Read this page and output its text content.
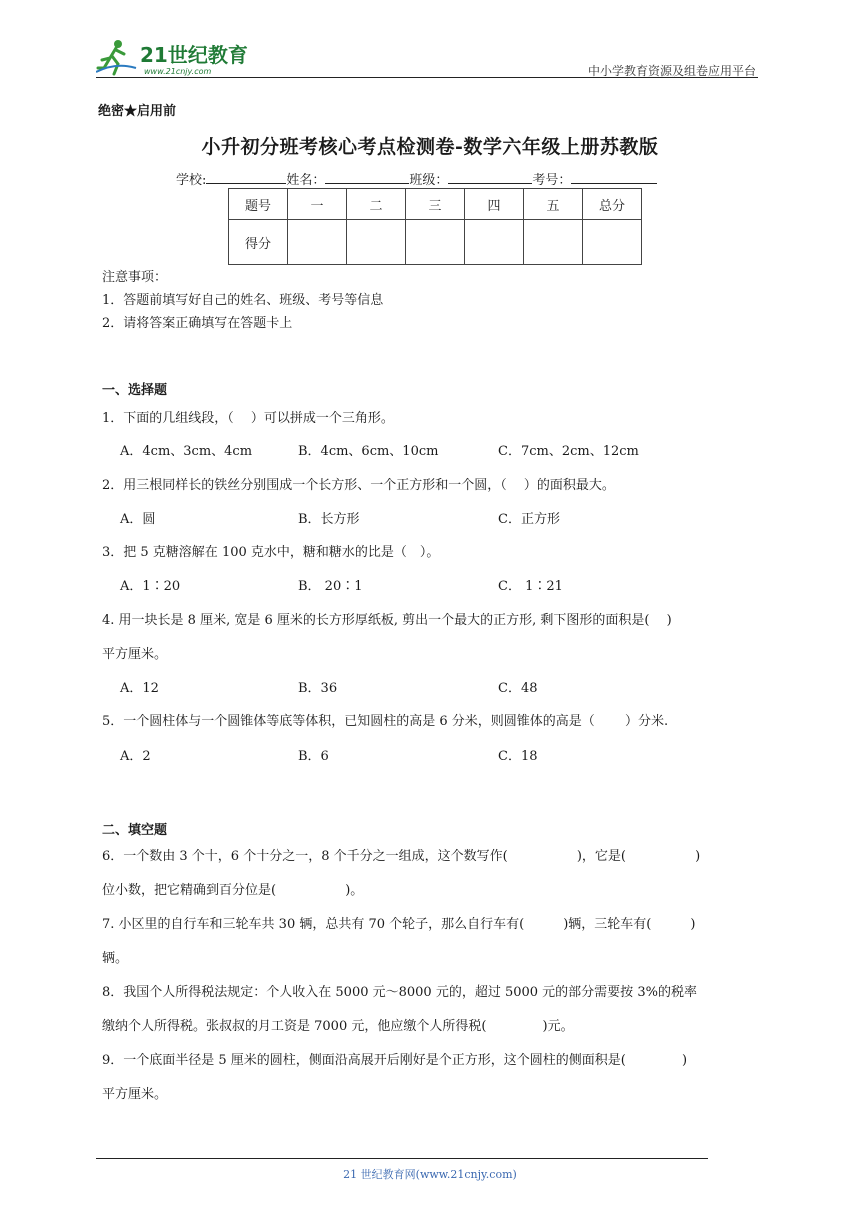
21世纪教育
www.21cnjy.com	中小学教育资源及组卷应用平台
绝密★启用前
小升初分班考核心考点检测卷-数学六年级上册苏教版
学校:	姓名：	班级：	考号：
题号	一	二	三	四	五	总分
得分						
注意事项：
1．答题前填写好自己的姓名、班级、考号等信息
2．请将答案正确填写在答题卡上
一、选择题
1．下面的几组线段，（　 ）可以拼成一个三角形。
A．4cm、3cm、4cm	B．4cm、6cm、10cm	C．7cm、2cm、12cm
2．用三根同样长的铁丝分别围成一个长方形、一个正方形和一个圆，（　 ）的面积最大。
A．圆	B．长方形	C．正方形
3．把 5 克糖溶解在 100 克水中，糖和糖水的比是（　）。
A．1∶20	B． 20∶1	C． 1∶21
4. 用一块长是 8 厘米, 宽是 6 厘米的长方形厚纸板, 剪出一个最大的正方形, 剩下图形的面积是(　 )
平方厘米。
A．12	B．36	C．48
5．一个圆柱体与一个圆锥体等底等体积，已知圆柱的高是 6 分米，则圆锥体的高是（　　 ）分米.
A．2	B．6	C．18
二、填空题
6．一个数由 3 个十，6 个十分之一，8 个千分之一组成，这个数写作(　　　　　 )，它是(　　　　　 )
位小数，把它精确到百分位是(　　　　　 )。
7. 小区里的自行车和三轮车共 30 辆，总共有 70 个轮子，那么自行车有(　　　)辆，三轮车有(　　　)
辆。
8．我国个人所得税法规定：个人收入在 5000 元～8000 元的，超过 5000 元的部分需要按 3%的税率
缴纳个人所得税。张叔叔的月工资是 7000 元，他应缴个人所得税(　　　　 )元。
9．一个底面半径是 5 厘米的圆柱，侧面沿高展开后刚好是个正方形，这个圆柱的侧面积是(　　　　 )
平方厘米。
21 世纪教育网(www.21cnjy.com)
